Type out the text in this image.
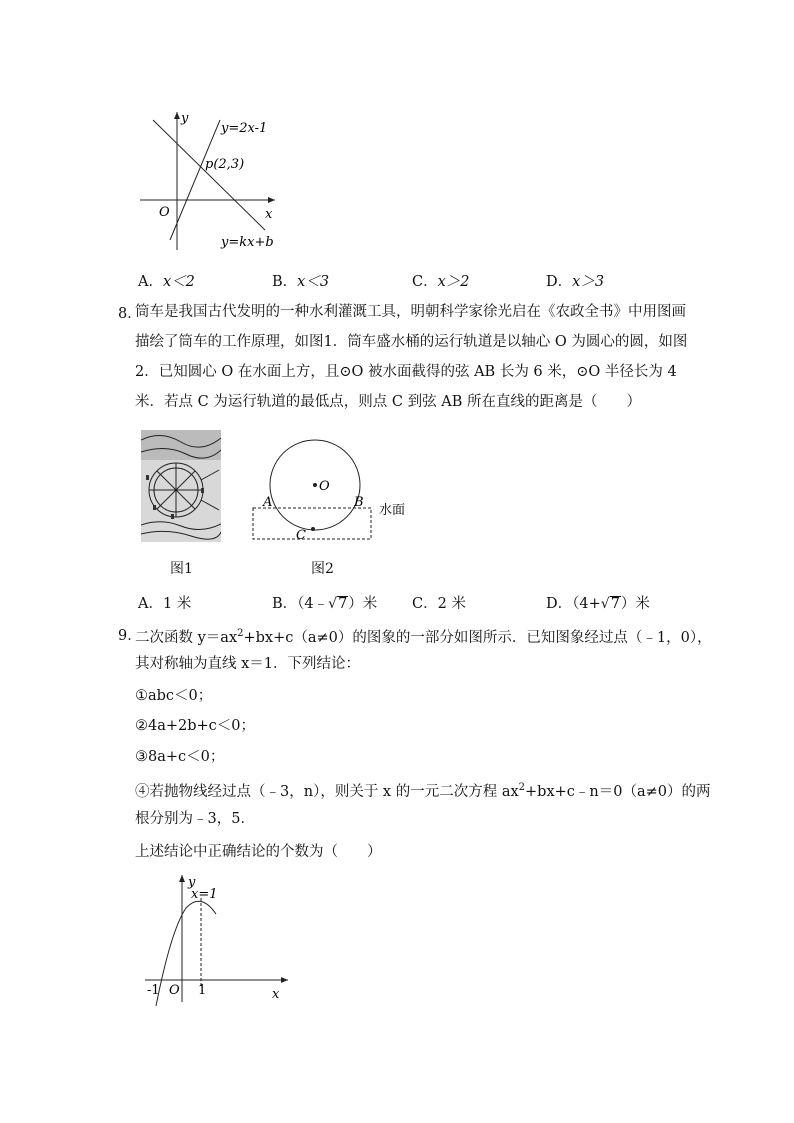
y
x
O
y=2x-1
p(2,3)
y=kx+b
A．x＜2	B．x＜3	C．x＞2	D．x＞3
8．
筒车是我国古代发明的一种水利灌溉工具，明朝科学家徐光启在《农政全书》中用图画
描绘了筒车的工作原理，如图1．筒车盛水桶的运行轨道是以轴心 O 为圆心的圆，如图
2．已知圆心 O 在水面上方，且⊙O 被水面截得的弦 AB 长为 6 米，⊙O 半径长为 4
米．若点 C 为运行轨道的最低点，则点 C 到弦 AB 所在直线的距离是（　　）
图1
O
A	B
C
水面
图2
A．1 米	B．（4﹣√7）米 C．2 米	D．（4+√7）米
9．
二次函数 $y=ax^2+bx+c(a\ne 0)$的图象的一部分如图所示．已知图象经过点（﹣1，0），
其对称轴为直线 x＝1．下列结论：
①abc＜0；
②4a+2b+c＜0；
③8a+c＜0；
④若抛物线经过点（﹣3，n），则关于 x 的一元二次方程 $ax^2+bx+c﹣n=0(a\ne 0)$的两
根分别为﹣3，5．
上述结论中正确结论的个数为（　　）
y
x=1
x
-1 O 1
